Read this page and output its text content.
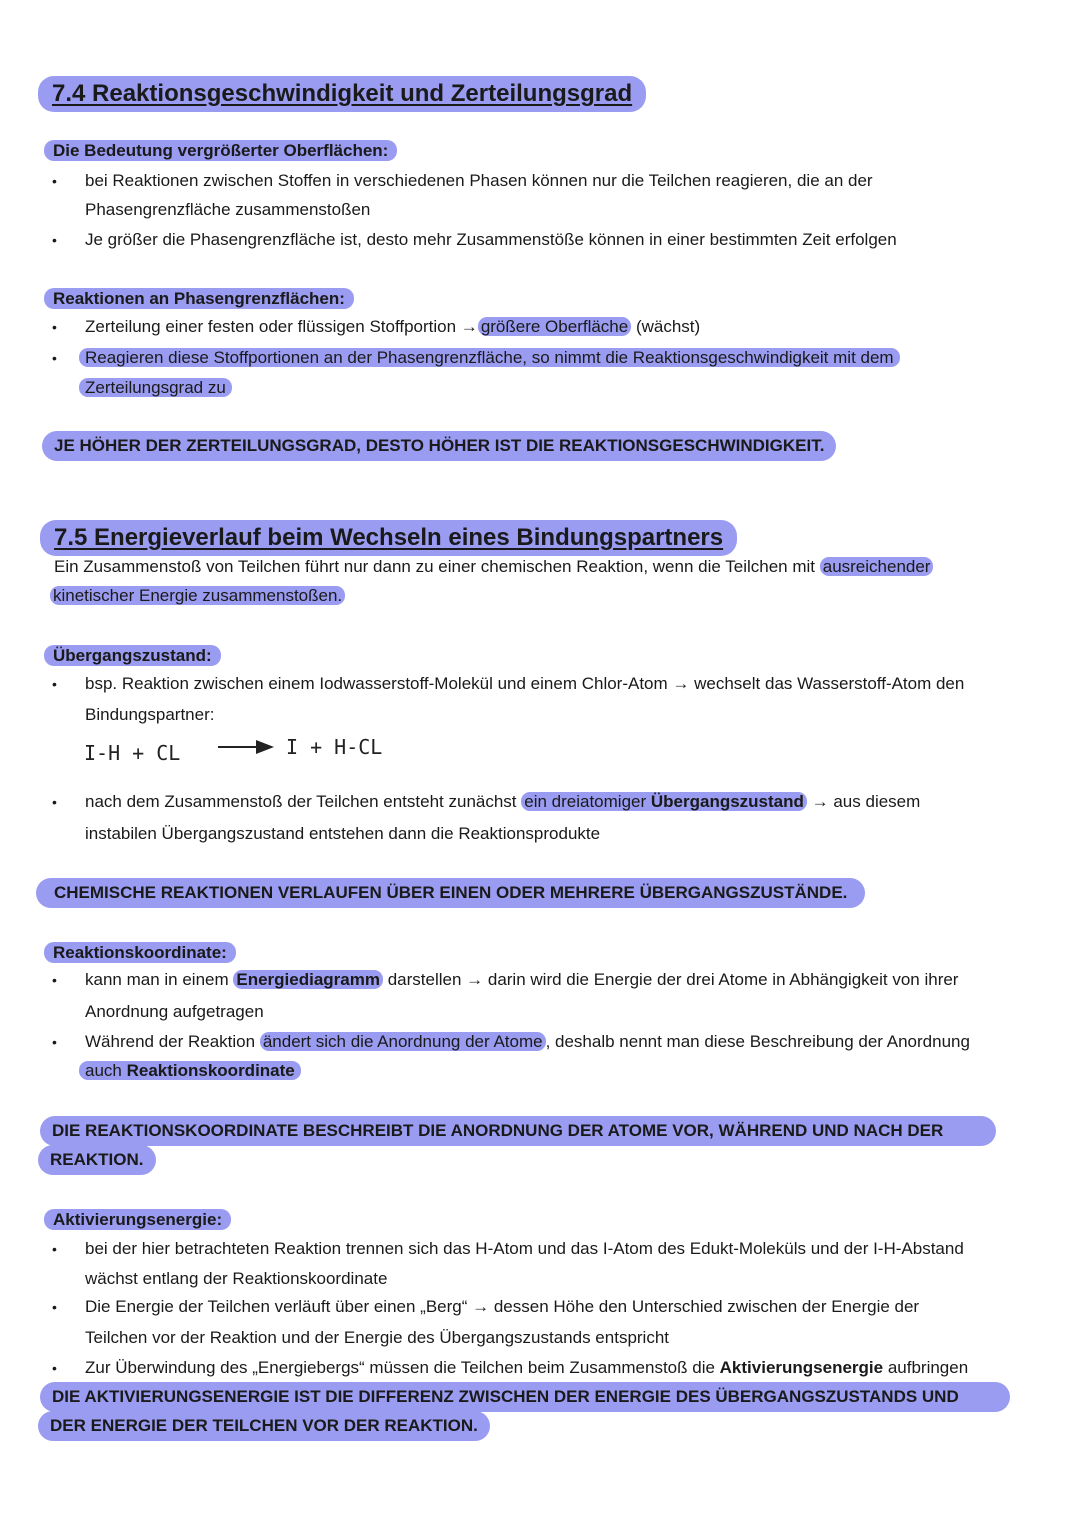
7.4 Reaktionsgeschwindigkeit und Zerteilungsgrad
Die Bedeutung vergrößerter Oberflächen:
• bei Reaktionen zwischen Stoffen in verschiedenen Phasen können nur die Teilchen reagieren, die an der
Phasengrenzfläche zusammenstoßen
• Je größer die Phasengrenzfläche ist, desto mehr Zusammenstöße können in einer bestimmten Zeit erfolgen
Reaktionen an Phasengrenzflächen:
• Zerteilung einer festen oder flüssigen Stoffportion → größere Oberfläche (wächst)
•	Reagieren diese Stoffportionen an der Phasengrenzfläche, so nimmt die Reaktionsgeschwindigkeit mit dem
Zerteilungsgrad zu
JE HÖHER DER ZERTEILUNGSGRAD, DESTO HÖHER IST DIE REAKTIONSGESCHWINDIGKEIT.
7.5 Energieverlauf beim Wechseln eines Bindungspartners
Ein Zusammenstoß von Teilchen führt nur dann zu einer chemischen Reaktion, wenn die Teilchen mit ausreichender
kinetischer Energie zusammenstoßen.
Übergangszustand:
• bsp. Reaktion zwischen einem Iodwasserstoff-Molekül und einem Chlor-Atom → wechselt das Wasserstoff-Atom den
Bindungspartner:
I-H + CL → I + H-CL
• nach dem Zusammenstoß der Teilchen entsteht zunächst ein dreiatomiger Übergangszustand → aus diesem
instabilen Übergangszustand entstehen dann die Reaktionsprodukte
CHEMISCHE REAKTIONEN VERLAUFEN ÜBER EINEN ODER MEHRERE ÜBERGANGSZUSTÄNDE.
Reaktionskoordinate:
• kann man in einem Energiediagramm darstellen → darin wird die Energie der drei Atome in Abhängigkeit von ihrer
Anordnung aufgetragen
• Während der Reaktion ändert sich die Anordnung der Atome , deshalb nennt man diese Beschreibung der Anordnung
auch Reaktionskoordinate
DIE REAKTIONSKOORDINATE BESCHREIBT DIE ANORDNUNG DER ATOME VOR, WÄHREND UND NACH DER
REAKTION.
Aktivierungsenergie:
• bei der hier betrachteten Reaktion trennen sich das H-Atom und das I-Atom des Edukt-Moleküls und der I-H-Abstand
wächst entlang der Reaktionskoordinate
• Die Energie der Teilchen verläuft über einen „Berg“ → dessen Höhe den Unterschied zwischen der Energie der
Teilchen vor der Reaktion und der Energie des Übergangszustands entspricht
• Zur Überwindung des „Energiebergs“ müssen die Teilchen beim Zusammenstoß die Aktivierungsenergie aufbringen
DIE AKTIVIERUNGSENERGIE IST DIE DIFFERENZ ZWISCHEN DER ENERGIE DES ÜBERGANGSZUSTANDS UND
DER ENERGIE DER TEILCHEN VOR DER REAKTION.
